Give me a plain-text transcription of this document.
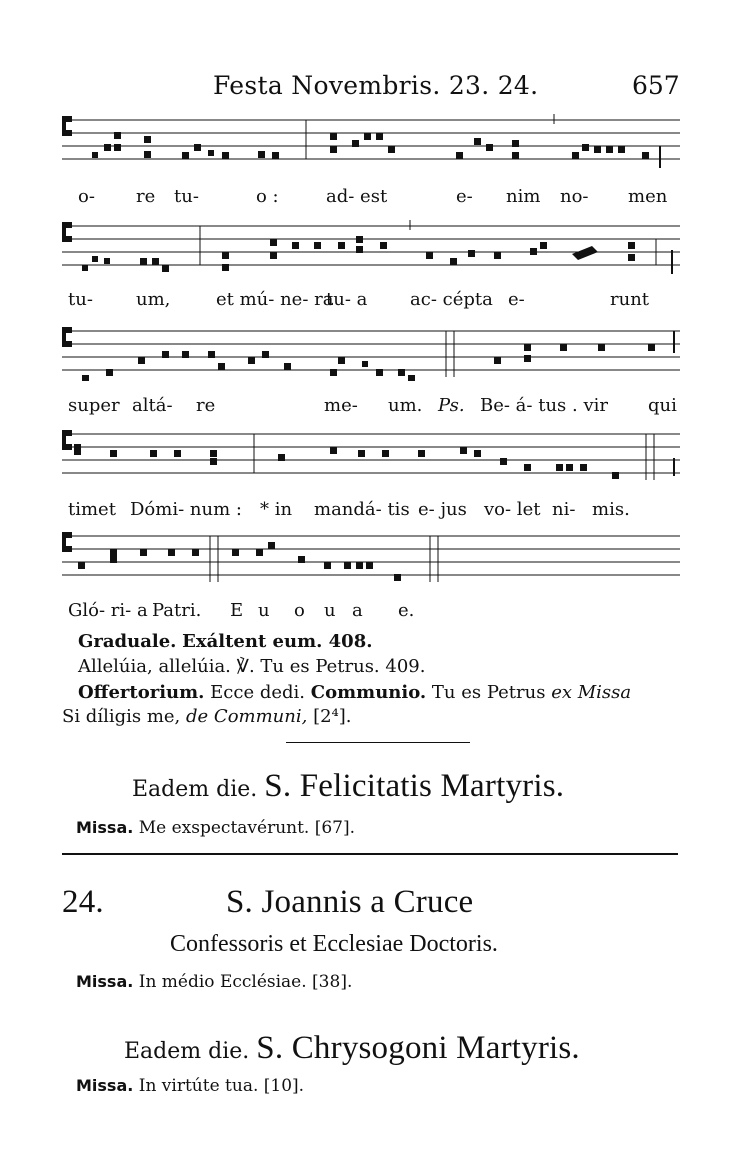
Festa Novembris. 23. 24.	657
o- re tu-	o :	ad- est	e- nim no- men
tu- um,	et mú- ne- ra
tu- a ac- cépta e-	runt
super altá- re	me- um. Ps. Be- á- tus . vir qui
timet Dómi- num : * in mandá- tis e- jus vo- let ni- mis.
Gló- ri- a Patri. E u o u a e.
Graduale. Exáltent eum. 408.
Allelúia, allelúia. ℣. Tu es Petrus. 409.
Offertorium. Ecce dedi. Communio. Tu es Petrus ex Missa
Si díligis me, de Communi, [2⁴].
Eadem die. S. Felicitatis Martyris.
Missa. Me exspectavérunt. [67].
24.	S. Joannis a Cruce
Confessoris et Ecclesiae Doctoris.
Missa. In médio Ecclésiae. [38].
Eadem die. S. Chrysogoni Martyris.
Missa. In virtúte tua. [10].
